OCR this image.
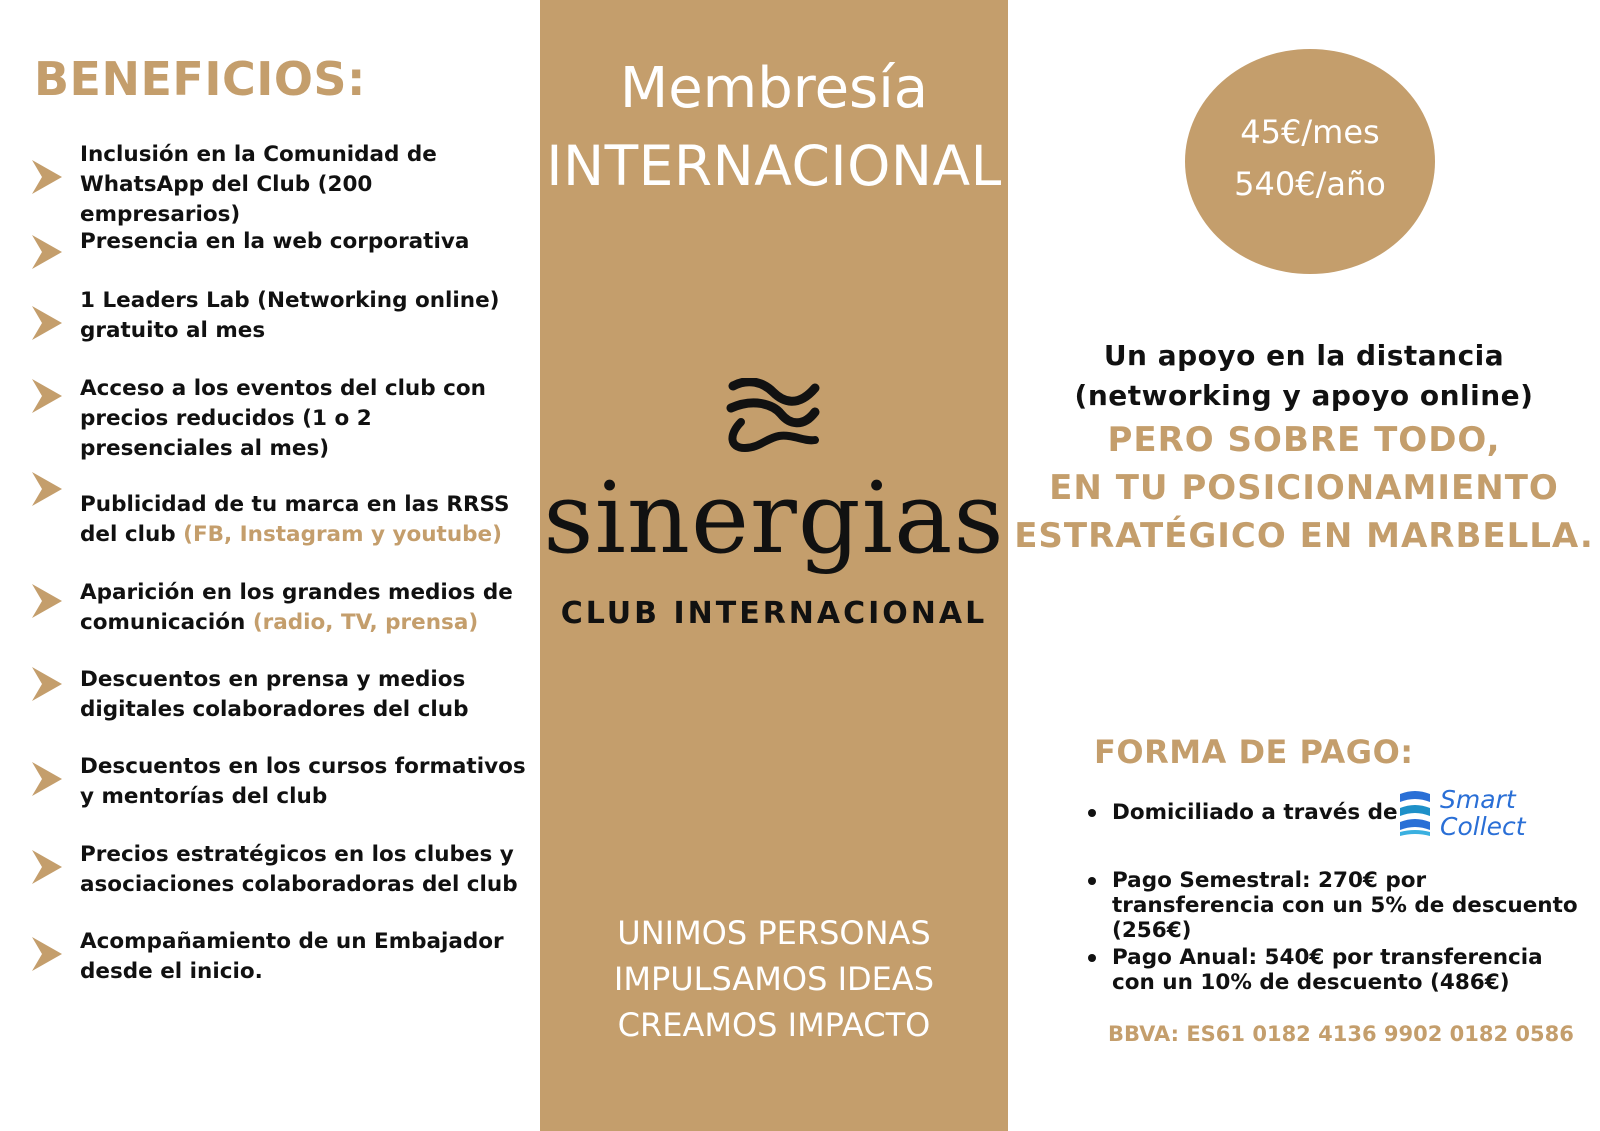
BENEFICIOS:
Inclusión en la Comunidad de WhatsApp del Club (200 empresarios)
Presencia en la web corporativa
1 Leaders Lab (Networking online) gratuito al mes
Acceso a los eventos del club con precios reducidos (1 o 2 presenciales al mes)
Publicidad de tu marca en las RRSS del club (FB, Instagram y youtube)
Aparición en los grandes medios de comunicación (radio, TV, prensa)
Descuentos en prensa y medios digitales colaboradores del club
Descuentos en los cursos formativos y mentorías del club
Precios estratégicos en los clubes y asociaciones colaboradoras del club
Acompañamiento de un Embajador desde el inicio.
Membresía
INTERNACIONAL
sinergias
CLUB INTERNACIONAL
UNIMOS PERSONAS
IMPULSAMOS IDEAS
CREAMOS IMPACTO
45€/mes
540€/año
Un apoyo en la distancia
(networking y apoyo online)
PERO SOBRE TODO,
EN TU POSICIONAMIENTO
ESTRATÉGICO EN MARBELLA.
FORMA DE PAGO:
Domiciliado a través de	Smart
Collect
Pago Semestral: 270€ por transferencia con un 5% de descuento (256€)
Pago Anual: 540€ por transferencia con un 10% de descuento (486€)
BBVA: ES61 0182 4136 9902 0182 0586
